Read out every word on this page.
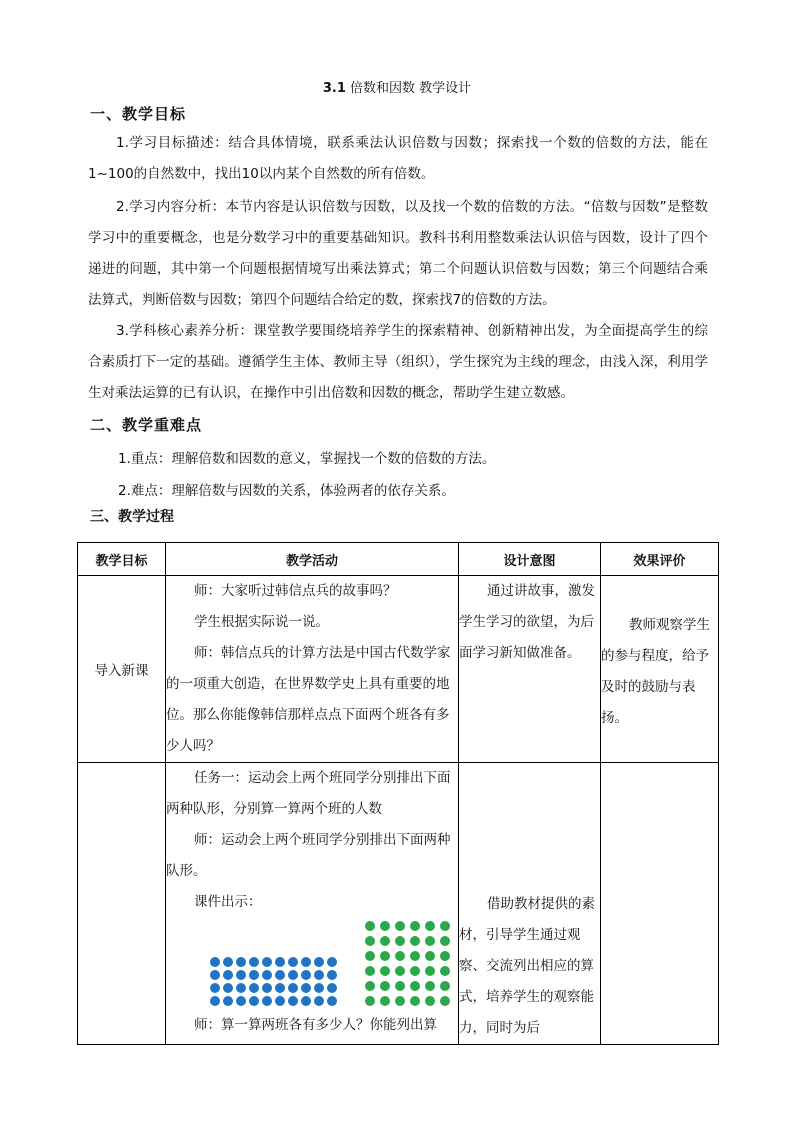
3.1 倍数和因数 教学设计
一、教学目标

1.学习目标描述：结合具体情境，联系乘法认识倍数与因数；探索找一个数的倍数的方法，能在1~100的自然数中，找出10以内某个自然数的所有倍数。

2.学习内容分析：本节内容是认识倍数与因数，以及找一个数的倍数的方法。“倍数与因数”是整数学习中的重要概念，也是分数学习中的重要基础知识。教科书利用整数乘法认识倍与因数，设计了四个递进的问题，其中第一个问题根据情境写出乘法算式；第二个问题认识倍数与因数；第三个问题结合乘法算式，判断倍数与因数；第四个问题结合给定的数，探索找7的倍数的方法。

3.学科核心素养分析：课堂教学要围绕培养学生的探索精神、创新精神出发，为全面提高学生的综合素质打下一定的基础。遵循学生主体、教师主导（组织），学生探究为主线的理念，由浅入深，利用学生对乘法运算的已有认识，在操作中引出倍数和因数的概念，帮助学生建立数感。

二、教学重难点

1.重点：理解倍数和因数的意义，掌握找一个数的倍数的方法。

2.难点：理解倍数与因数的关系，体验两者的依存关系。

三、教学过程
教学目标	教学活动	设计意图	效果评价
导入新课	师：大家听过韩信点兵的故事吗？

学生根据实际说一说。

师：韩信点兵的计算方法是中国古代数学家的一项重大创造，在世界数学史上具有重要的地位。那么你能像韩信那样点点下面两个班各有多少人吗？	通过讲故事，激发学生学习的欲望，为后面学习新知做准备。	教师观察学生的参与程度，给予及时的鼓励与表扬。

	任务一：运动会上两个班同学分别排出下面两种队形，分别算一算两个班的人数

师：运动会上两个班同学分别排出下面两种队形。

课件出示：

师：算一算两班各有多少人？你能列出算	借助教材提供的素材，引导学生通过观察、交流列出相应的算式，培养学生的观察能力，同时为后	
